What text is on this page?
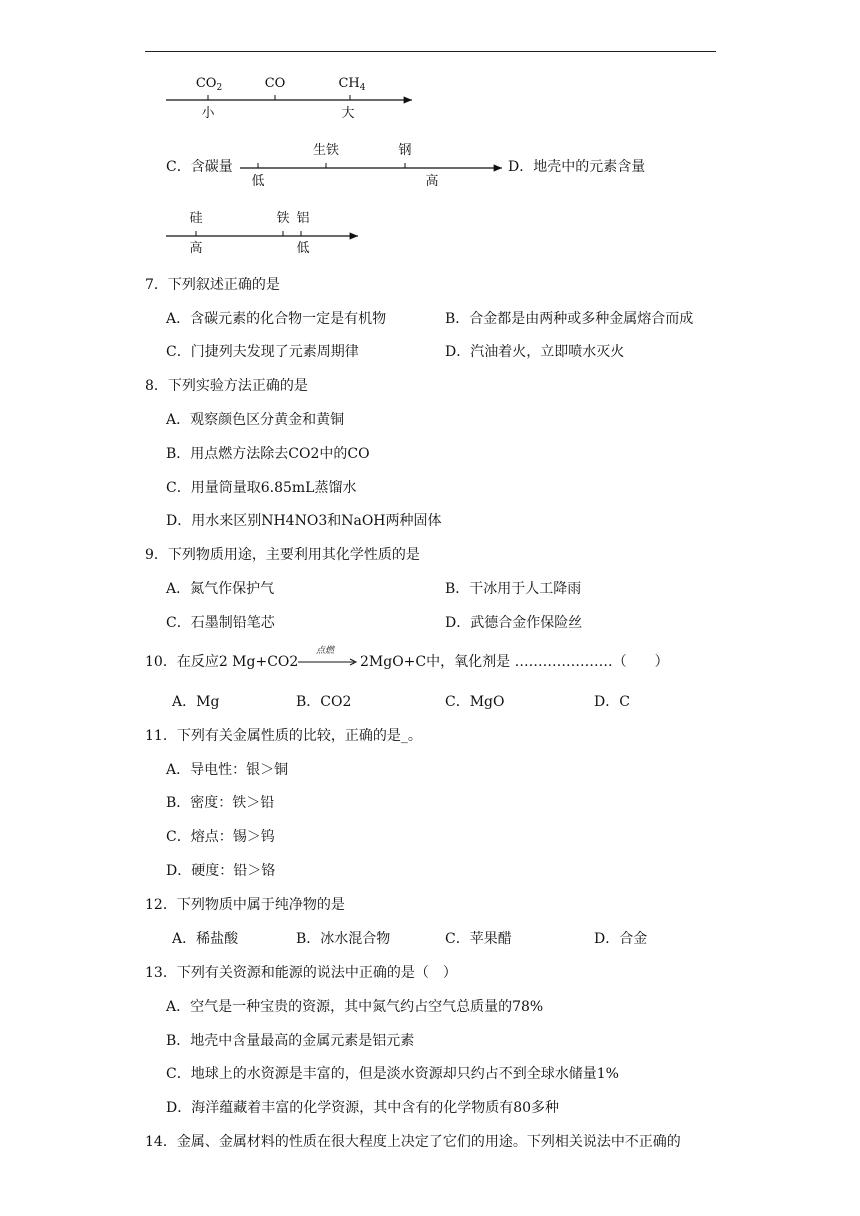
$CO_2$	CO	$CH_4$
小	大
C．含碳量
生铁	钢
低	高
D．地壳中的元素含量
硅	铁 铝
高	低
7．下列叙述正确的是
A．含碳元素的化合物一定是有机物	B．合金都是由两种或多种金属熔合而成
C．门捷列夫发现了元素周期律	D．汽油着火，立即喷水灭火
8．下列实验方法正确的是
A．观察颜色区分黄金和黄铜
B．用点燃方法除去CO2中的CO
C．用量筒量取6.85mL蒸馏水
D．用水来区别NH4NO3和NaOH两种固体
9．下列物质用途，主要利用其化学性质的是
A．氮气作保护气	B．干冰用于人工降雨
C．石墨制铅笔芯	D．武德合金作保险丝
10．在反应2 Mg+CO2
点燃
2MgO+C中，氧化剂是 …………………（　　）
A．Mg	B．CO2	C．MgO	D．C
11．下列有关金属性质的比较，正确的是_。
A．导电性：银＞铜
B．密度：铁＞铅
C．熔点：锡＞钨
D．硬度：铅＞铬
12．下列物质中属于纯净物的是
A．稀盐酸	B．冰水混合物	C．苹果醋	D．合金
13．下列有关资源和能源的说法中正确的是（　）
A．空气是一种宝贵的资源，其中氮气约占空气总质量的78%
B．地壳中含量最高的金属元素是铝元素
C．地球上的水资源是丰富的，但是淡水资源却只约占不到全球水储量1%
D．海洋蕴藏着丰富的化学资源，其中含有的化学物质有80多种
14．金属、金属材料的性质在很大程度上决定了它们的用途。下列相关说法中不正确的
